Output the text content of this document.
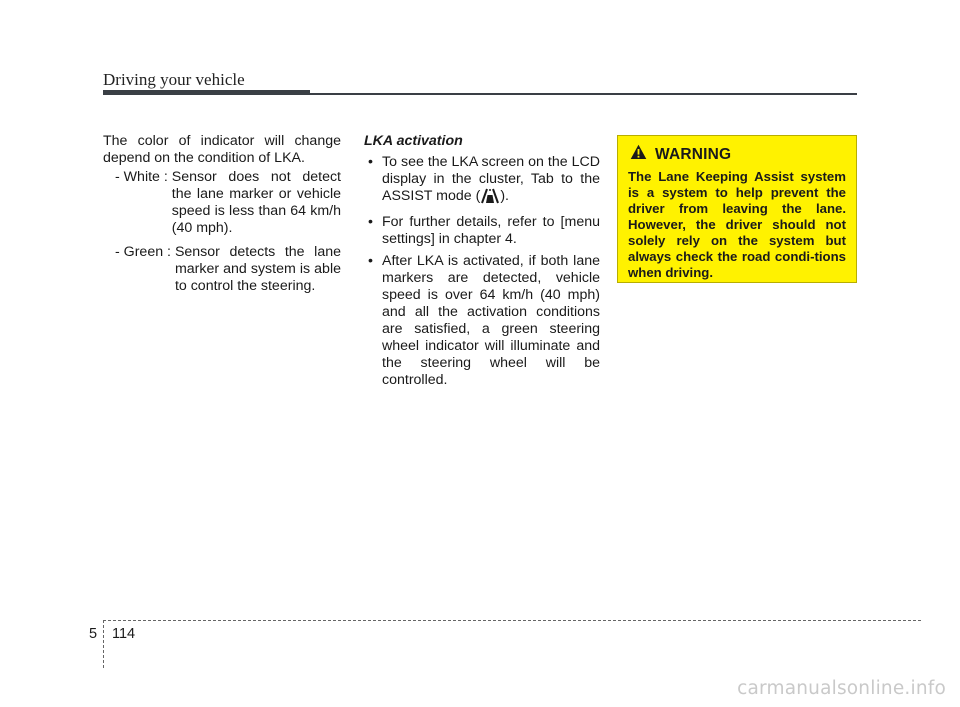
Driving your vehicle

The color of indicator will change depend on the condition of LKA.

- White : Sensor does not detect the lane marker or vehicle speed is less than 64 km/h (40 mph).
- Green : Sensor detects the lane marker and system is able to control the steering.

LKA activation

• To see the LKA screen on the LCD display in the cluster, Tab to the ASSIST mode ( ).
• For further details, refer to [menu settings] in chapter 4.
• After LKA is activated, if both lane markers are detected, vehicle speed is over 64 km/h (40 mph) and all the activation conditions are satisfied, a green steering wheel indicator will illuminate and the steering wheel will be controlled.
WARNING

The Lane Keeping Assist system is a system to help prevent the driver from leaving the lane. However, the driver should not solely rely on the system but always check the road condi-tions when driving.

5 114
carmanualsonline.info
